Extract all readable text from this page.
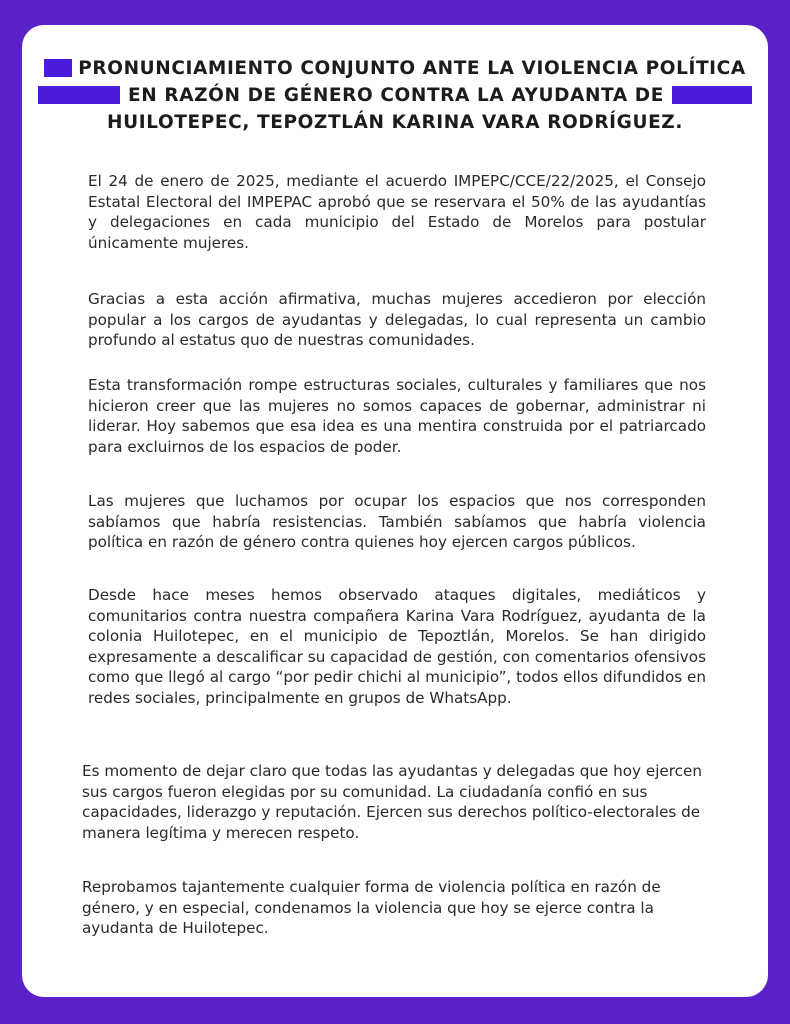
PRONUNCIAMIENTO CONJUNTO ANTE LA VIOLENCIA POLÍTICA
EN RAZÓN DE GÉNERO CONTRA LA AYUDANTA DE
HUILOTEPEC, TEPOZTLÁN KARINA VARA RODRÍGUEZ.

El 24 de enero de 2025, mediante el acuerdo IMPEPC/CCE/22/2025, el Consejo Estatal Electoral del IMPEPAC aprobó que se reservara el 50% de las ayudantías y delegaciones en cada municipio del Estado de Morelos para postular únicamente mujeres.

Gracias a esta acción afirmativa, muchas mujeres accedieron por elección popular a los cargos de ayudantas y delegadas, lo cual representa un cambio profundo al estatus quo de nuestras comunidades.

Esta transformación rompe estructuras sociales, culturales y familiares que nos hicieron creer que las mujeres no somos capaces de gobernar, administrar ni liderar. Hoy sabemos que esa idea es una mentira construida por el patriarcado para excluirnos de los espacios de poder.

Las mujeres que luchamos por ocupar los espacios que nos corresponden sabíamos que habría resistencias. También sabíamos que habría violencia política en razón de género contra quienes hoy ejercen cargos públicos.

Desde hace meses hemos observado ataques digitales, mediáticos y comunitarios contra nuestra compañera Karina Vara Rodríguez, ayudanta de la colonia Huilotepec, en el municipio de Tepoztlán, Morelos. Se han dirigido expresamente a descalificar su capacidad de gestión, con comentarios ofensivos como que llegó al cargo “por pedir chichi al municipio”, todos ellos difundidos en redes sociales, principalmente en grupos de WhatsApp.

Es momento de dejar claro que todas las ayudantas y delegadas que hoy ejercen sus cargos fueron elegidas por su comunidad. La ciudadanía confió en sus capacidades, liderazgo y reputación. Ejercen sus derechos político-electorales de manera legítima y merecen respeto.

Reprobamos tajantemente cualquier forma de violencia política en razón de género, y en especial, condenamos la violencia que hoy se ejerce contra la ayudanta de Huilotepec.
